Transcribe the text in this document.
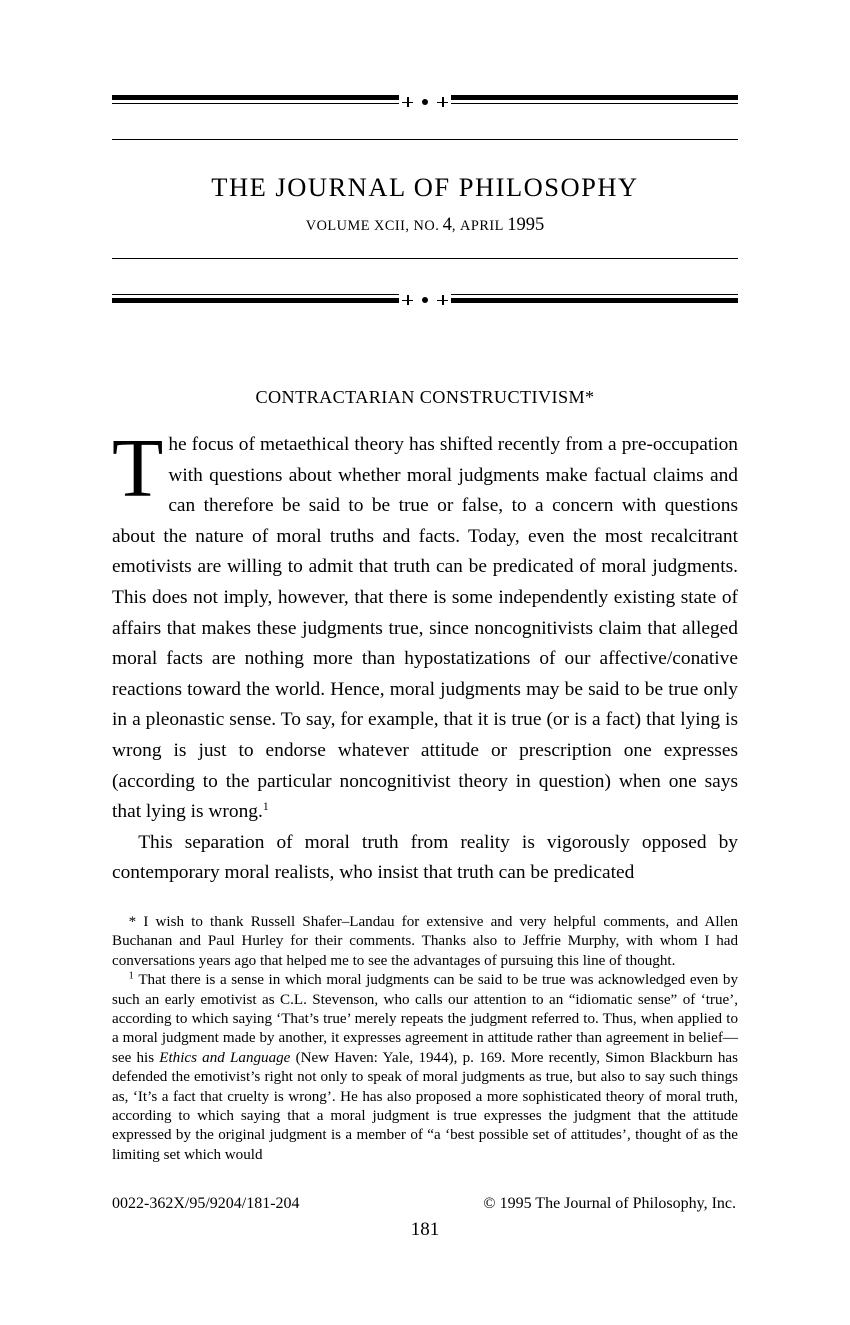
THE JOURNAL OF PHILOSOPHY
VOLUME XCII, NO. 4, APRIL 1995
CONTRACTARIAN CONSTRUCTIVISM*

The focus of metaethical theory has shifted recently from a pre-occupation with questions about whether moral judgments make factual claims and can therefore be said to be true or false, to a concern with questions about the nature of moral truths and facts. Today, even the most recalcitrant emotivists are willing to admit that truth can be predicated of moral judgments. This does not imply, however, that there is some independently existing state of affairs that makes these judgments true, since noncognitivists claim that alleged moral facts are nothing more than hypostatizations of our affective/conative reactions toward the world. Hence, moral judgments may be said to be true only in a pleonastic sense. To say, for example, that it is true (or is a fact) that lying is wrong is just to endorse whatever attitude or prescription one expresses (according to the particular noncognitivist theory in question) when one says that lying is wrong.$^1$

This separation of moral truth from reality is vigorously opposed by contemporary moral realists, who insist that truth can be predicated

* I wish to thank Russell Shafer–Landau for extensive and very helpful comments, and Allen Buchanan and Paul Hurley for their comments. Thanks also to Jeffrie Murphy, with whom I had conversations years ago that helped me to see the advantages of pursuing this line of thought.

$^1$ That there is a sense in which moral judgments can be said to be true was acknowledged even by such an early emotivist as C.L. Stevenson, who calls our attention to an “idiomatic sense” of ‘true’, according to which saying ‘That’s true’ merely repeats the judgment referred to. Thus, when applied to a moral judgment made by another, it expresses agreement in attitude rather than agreement in belief—see his Ethics and Language (New Haven: Yale, 1944), p. 169. More recently, Simon Blackburn has defended the emotivist’s right not only to speak of moral judgments as true, but also to say such things as, ‘It’s a fact that cruelty is wrong’. He has also proposed a more sophisticated theory of moral truth, according to which saying that a moral judgment is true expresses the judgment that the attitude expressed by the original judgment is a member of “a ‘best possible set of attitudes’, thought of as the limiting set which would

0022-362X/95/9204/181-204	© 1995 The Journal of Philosophy, Inc.
181
